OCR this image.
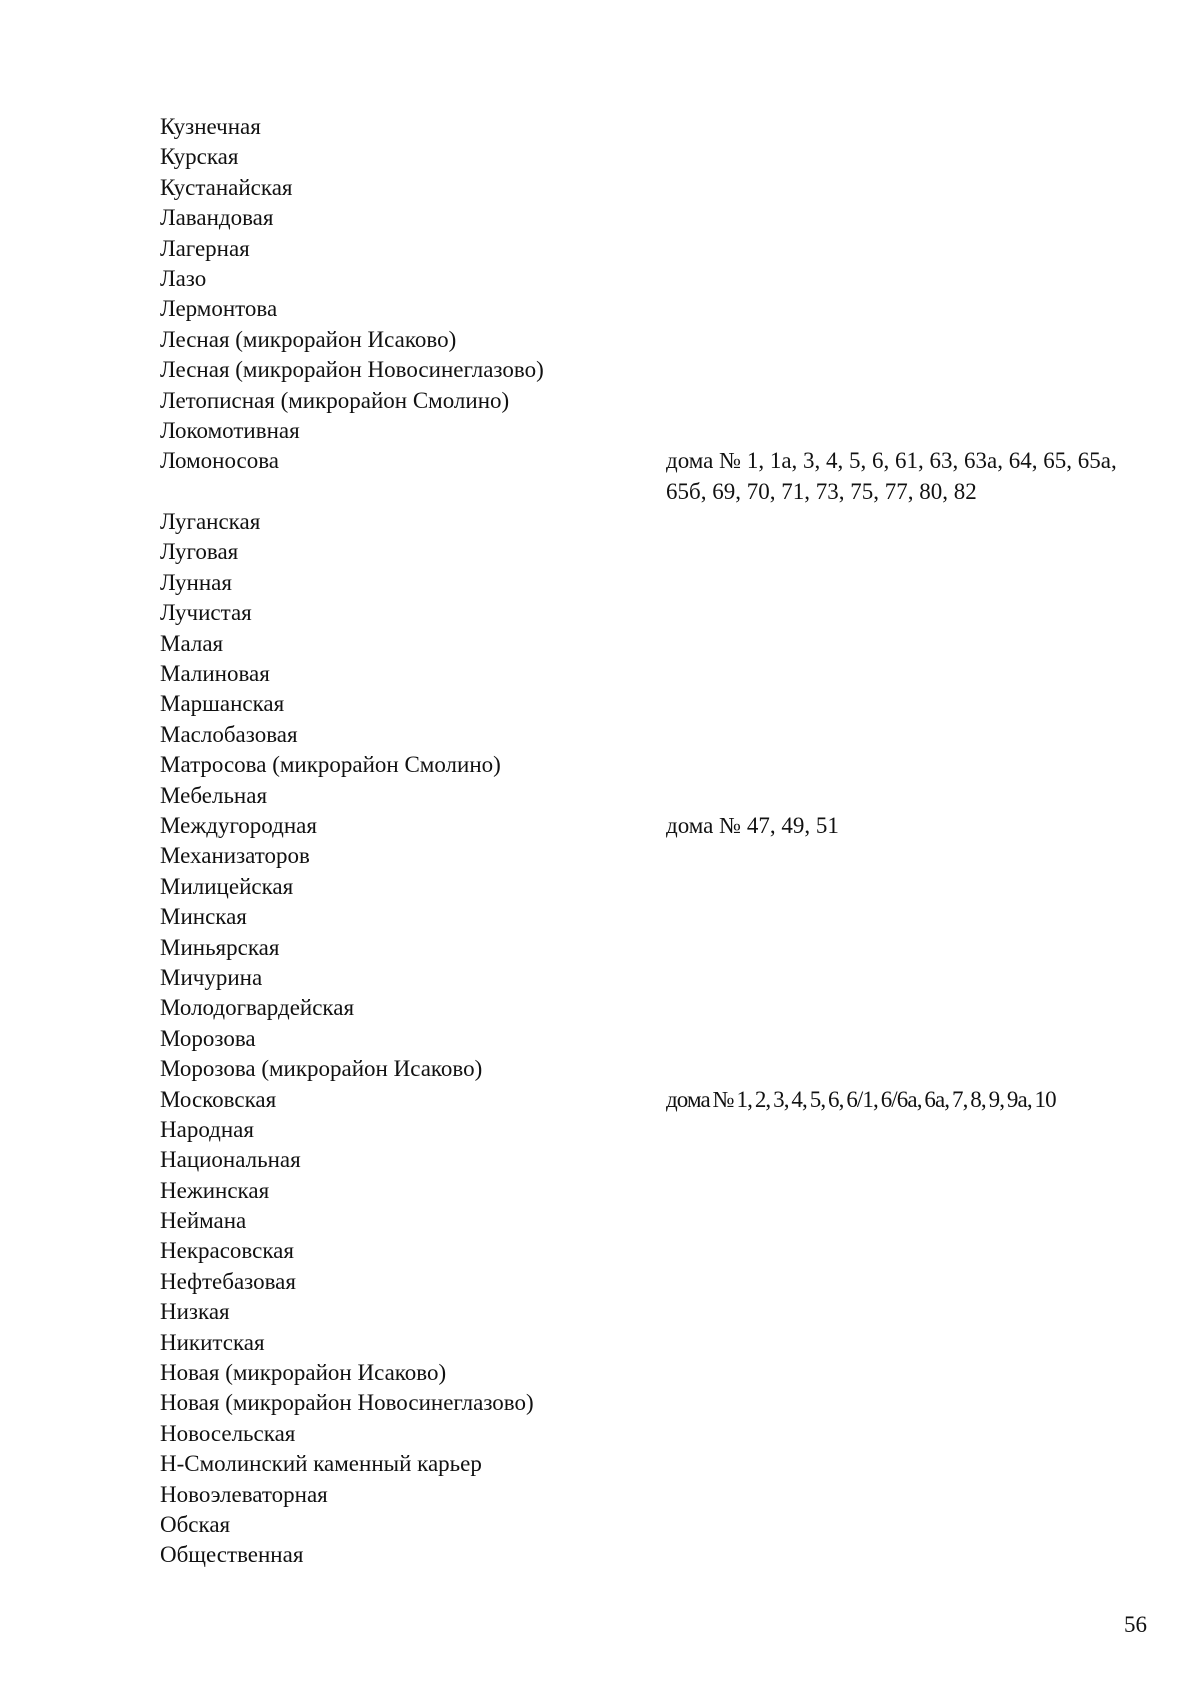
Кузнечная
Курская
Кустанайская
Лавандовая
Лагерная
Лазо
Лермонтова
Лесная (микрорайон Исаково)
Лесная (микрорайон Новосинеглазово)
Летописная (микрорайон Смолино)
Локомотивная
Ломоносова	дома № 1, 1а, 3, 4, 5, 6, 61, 63, 63а, 64, 65, 65а, 65б, 69, 70, 71, 73, 75, 77, 80, 82
Луганская
Луговая
Лунная
Лучистая
Малая
Малиновая
Маршанская
Маслобазовая
Матросова (микрорайон Смолино)
Мебельная
Междугородная	дома № 47, 49, 51
Механизаторов
Милицейская
Минская
Миньярская
Мичурина
Молодогвардейская
Морозова
Морозова (микрорайон Исаково)
Московская	дома № 1, 2, 3, 4, 5, 6, 6/1, 6/6а, 6а, 7, 8, 9, 9а, 10
Народная
Национальная
Нежинская
Неймана
Некрасовская
Нефтебазовая
Низкая
Никитская
Новая (микрорайон Исаково)
Новая (микрорайон Новосинеглазово)
Новосельская
Н-Смолинский каменный карьер
Новоэлеваторная
Обская
Общественная
56
